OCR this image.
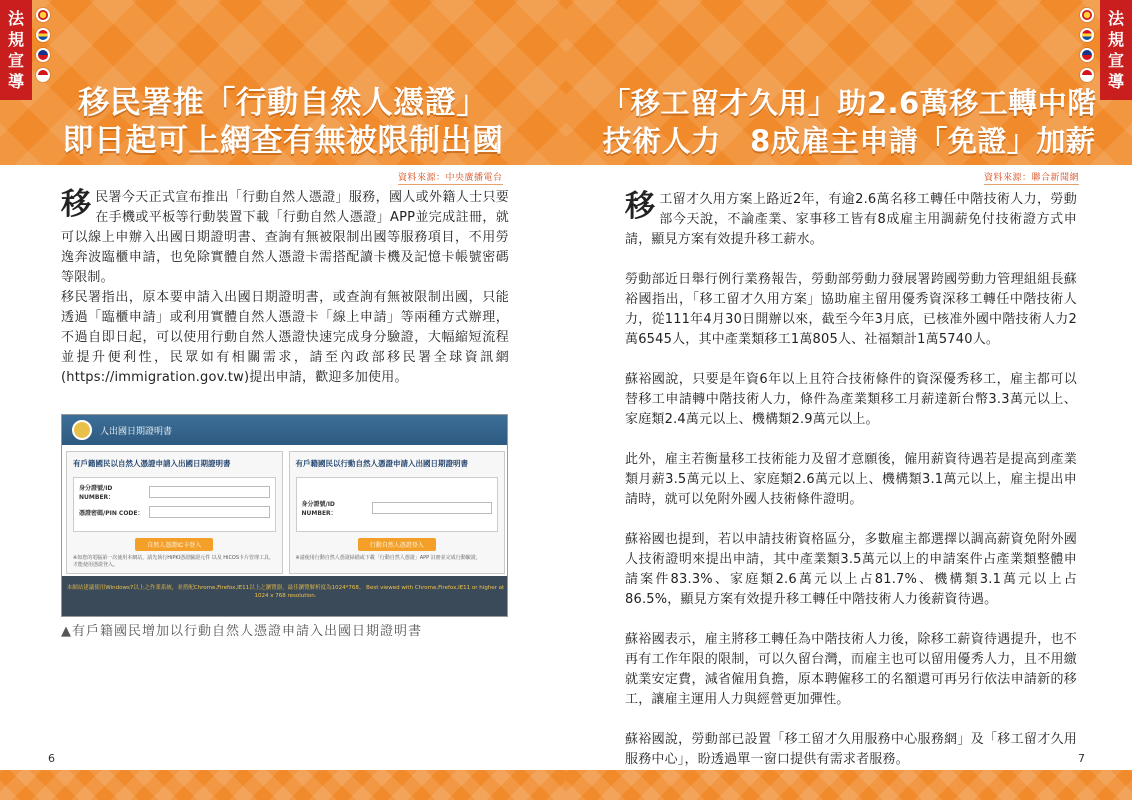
法
規
宣
導
移民署推「行動自然人憑證」
即日起可上網查有無被限制出國
資料來源：中央廣播電台

移民署今天正式宣布推出「行動自然人憑證」服務，國人或外籍人士只要在手機或平板等行動裝置下載「行動自然人憑證」APP並完成註冊，就可以線上申辦入出國日期證明書、查詢有無被限制出國等服務項目，不用勞逸奔波臨櫃申請，也免除實體自然人憑證卡需搭配讀卡機及記憶卡帳號密碼等限制。

移民署指出，原本要申請入出國日期證明書，或查詢有無被限制出國，只能透過「臨櫃申請」或利用實體自然人憑證卡「線上申請」等兩種方式辦理，不過自即日起，可以使用行動自然人憑證快速完成身分驗證，大幅縮短流程並提升便利性，民眾如有相關需求，請至內政部移民署全球資訊網(https://immigration.gov.tw)提出申請，歡迎多加使用。

人出國日期證明書
有戶籍國民以自然人憑證申請入出國日期證明書
身分證號/ID NUMBER：
憑證密碼/PIN CODE：
自然人憑證IC卡登入
※如您的電腦第一次使用本網站，請先執行HiPKI憑證驗證元件 以及 HiCOS卡片管理工具，才能使用憑證登入。
有戶籍國民以行動自然人憑證申請入出國日期證明書
身分證號/ID NUMBER：
行動自然人憑證登入
※請使用行動自然人憑證掃描或下載「行動自然人憑證」APP 註冊並完成行動驗證。
本網站建議使用Windows7以上之作業系統，並搭配Chrome,Firefox,IE11以上之瀏覽器，最佳瀏覽解析度為1024*768。 Best viewed with Chrome,Firefox,IE11 or higher at 1024 x 768 resolution.
▲有戶籍國民增加以行動自然人憑證申請入出國日期證明書
6
法
規
宣
導
「移工留才久用」助2.6萬移工轉中階
技術人力　8成雇主申請「免證」加薪
資料來源：聯合新聞網

移工留才久用方案上路近2年，有逾2.6萬名移工轉任中階技術人力，勞動部今天說，不論產業、家事移工皆有8成雇主用調薪免付技術證方式申請，顯見方案有效提升移工薪水。

勞動部近日舉行例行業務報告，勞動部勞動力發展署跨國勞動力管理組組長蘇裕國指出，「移工留才久用方案」協助雇主留用優秀資深移工轉任中階技術人力，從111年4月30日開辦以來，截至今年3月底，已核准外國中階技術人力2萬6545人，其中產業類移工1萬805人、社福類計1萬5740人。

蘇裕國說，只要是年資6年以上且符合技術條件的資深優秀移工，雇主都可以替移工申請轉中階技術人力，條件為產業類移工月薪達新台幣3.3萬元以上、家庭類2.4萬元以上、機構類2.9萬元以上。

此外，雇主若衡量移工技術能力及留才意願後，僱用薪資待遇若是提高到產業類月薪3.5萬元以上、家庭類2.6萬元以上、機構類3.1萬元以上，雇主提出申請時，就可以免附外國人技術條件證明。

蘇裕國也提到，若以申請技術資格區分，多數雇主都選擇以調高薪資免附外國人技術證明來提出申請，其中產業類3.5萬元以上的申請案件占產業類整體申請案件83.3%、家庭類2.6萬元以上占81.7%、機構類3.1萬元以上占86.5%，顯見方案有效提升移工轉任中階技術人力後薪資待遇。

蘇裕國表示，雇主將移工轉任為中階技術人力後，除移工薪資待遇提升，也不再有工作年限的限制，可以久留台灣，而雇主也可以留用優秀人力，且不用繳就業安定費，減省僱用負擔，原本聘僱移工的名額還可再另行依法申請新的移工，讓雇主運用人力與經營更加彈性。

蘇裕國說，勞動部已設置「移工留才久用服務中心服務網」及「移工留才久用服務中心」，盼透過單一窗口提供有需求者服務。	7
